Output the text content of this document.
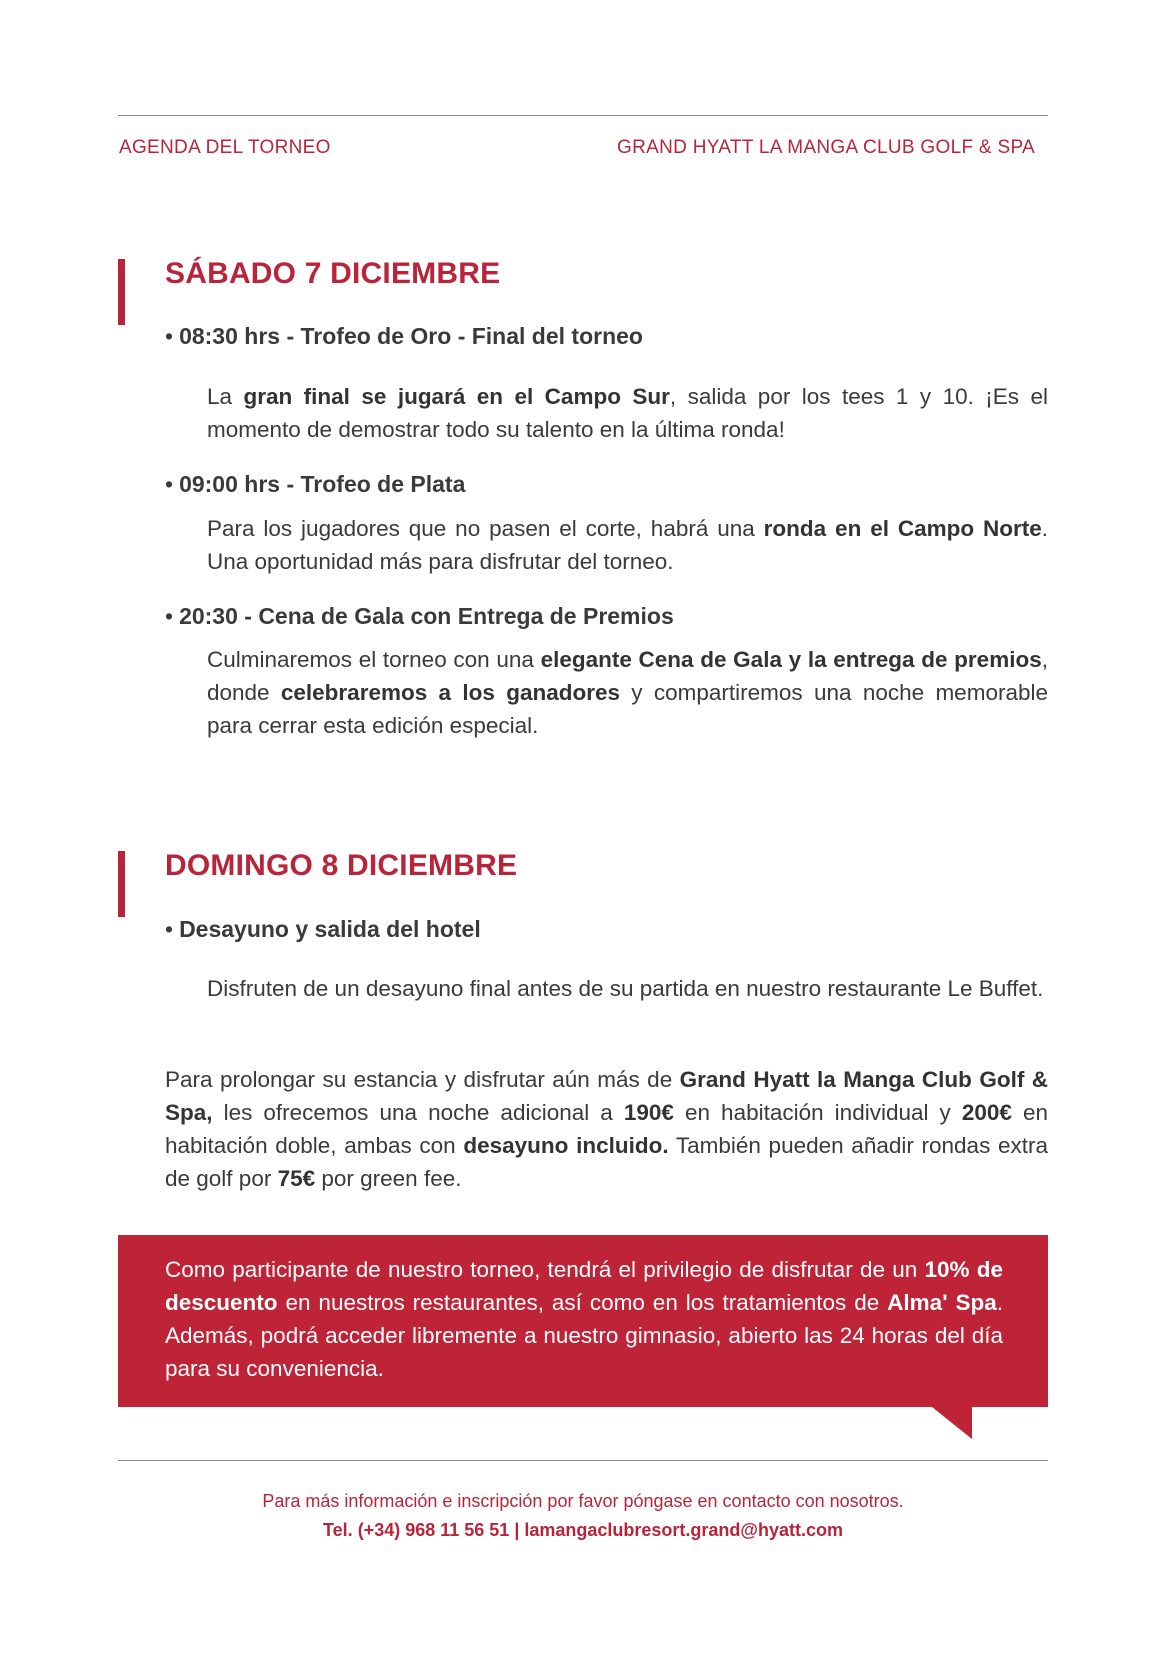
AGENDA DEL TORNEO	GRAND HYATT LA MANGA CLUB GOLF & SPA
SÁBADO 7 DICIEMBRE
• 08:30 hrs - Trofeo de Oro - Final del torneo

La gran final se jugará en el Campo Sur, salida por los tees 1 y 10. ¡Es el momento de demostrar todo su talento en la última ronda!

• 09:00 hrs - Trofeo de Plata

Para los jugadores que no pasen el corte, habrá una ronda en el Campo Norte. Una oportunidad más para disfrutar del torneo.

• 20:30 - Cena de Gala con Entrega de Premios

Culminaremos el torneo con una elegante Cena de Gala y la entrega de premios, donde celebraremos a los ganadores y compartiremos una noche memorable para cerrar esta edición especial.

DOMINGO 8 DICIEMBRE
• Desayuno y salida del hotel

Disfruten de un desayuno final antes de su partida en nuestro restaurante Le Buffet.

Para prolongar su estancia y disfrutar aún más de Grand Hyatt la Manga Club Golf & Spa, les ofrecemos una noche adicional a 190€ en habitación individual y 200€ en habitación doble, ambas con desayuno incluido. También pueden añadir rondas extra de golf por 75€ por green fee.

Como participante de nuestro torneo, tendrá el privilegio de disfrutar de un 10% de descuento en nuestros restaurantes, así como en los tratamientos de Alma' Spa. Además, podrá acceder libremente a nuestro gimnasio, abierto las 24 horas del día para su conveniencia.

Para más información e inscripción por favor póngase en contacto con nosotros.
Tel. (+34) 968 11 56 51 | lamangaclubresort.grand@hyatt.com
